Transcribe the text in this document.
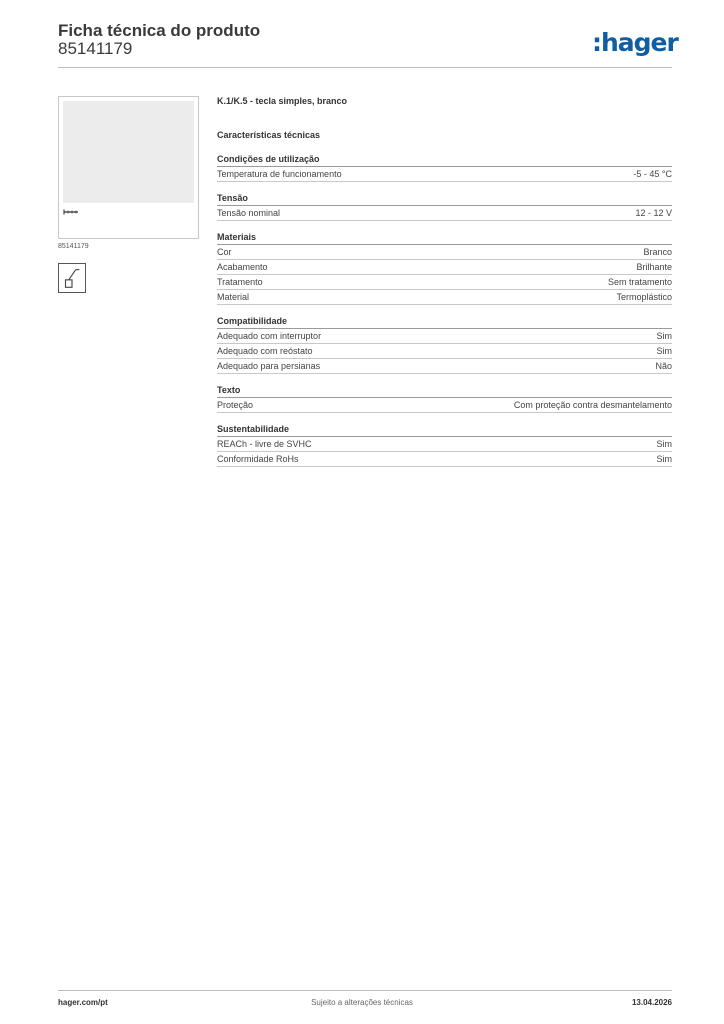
Ficha técnica do produto
85141179	:hager
85141179
K.1/K.5 - tecla simples, branco
Características técnicas
Condições de utilização
Temperatura de funcionamento	-5 - 45 °C
Tensão
Tensão nominal	12 - 12 V
Materiais
Cor	Branco
Acabamento	Brilhante
Tratamento	Sem tratamento
Material	Termoplástico
Compatibilidade
Adequado com interruptor	Sim
Adequado com reóstato	Sim
Adequado para persianas	Não
Texto
Proteção	Com proteção contra desmantelamento
Sustentabilidade
REACh - livre de SVHC	Sim
Conformidade RoHs	Sim
hager.com/pt	Sujeito a alterações técnicas	13.04.2026
